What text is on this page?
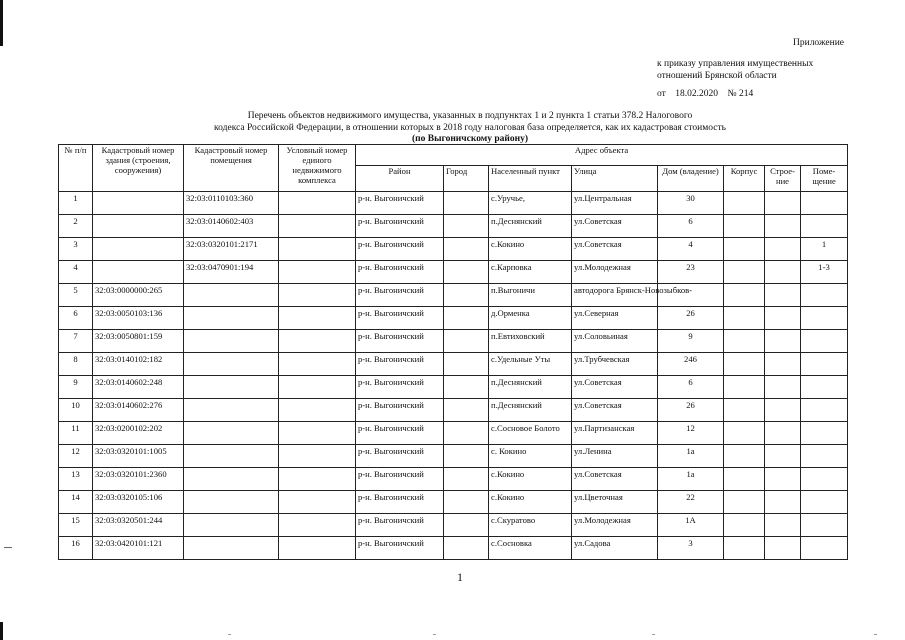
Приложение
к приказу управления имущественных
отношений Брянской области
от    18.02.2020    № 214
Перечень объектов недвижимого имущества, указанных в подпунктах 1 и 2 пункта 1 статьи 378.2 Налогового
кодекса Российской Федерации, в отношении которых в 2018 году налоговая база определяется, как их кадастровая стоимость
(по Выгоничскому району)
№ п/п	Кадастровый номер здания (строения, сооружения)	Кадастровый номер помещения	Условный номер единого недвижимого комплекса	Адрес объекта							
				Район	Город	Населенный пункт	Улица	Дом (владение)	Корпус	Строе-ние	Поме-щение
1		32:03:0110103:360		р-н. Выгоничский		с.Уручье,	ул.Центральная	30			
2		32:03:0140602:403		р-н. Выгоничский		п.Деснянский	ул.Советская	6			
3		32:03:0320101:2171		р-н. Выгоничский		с.Кокино	ул.Советская	4			1
4		32:03:0470901:194		р-н. Выгоничский		с.Карповка	ул.Молодежная	23			1-3
5	32:03:0000000:265			р-н. Выгоничский		п.Выгоничи	автодорога Брянск-Новозыбков-				
6	32:03:0050103:136			р-н. Выгоничский		д.Орменка	ул.Северная	26			
7	32:03:0050801:159			р-н. Выгоничский		п.Евтиховский	ул.Соловьиная	9			
8	32:03:0140102:182			р-н. Выгоничский		с.Удельные Уты	ул.Трубчевская	246			
9	32:03:0140602:248			р-н. Выгоничский		п.Деснянский	ул.Советская	6			
10	32:03:0140602:276			р-н. Выгоничский		п.Деснянский	ул.Советская	26			
11	32:03:0200102:202			р-н. Выгоничский		с.Сосновое Болото	ул.Партизанская	12			
12	32:03:0320101:1005			р-н. Выгоничский		с. Кокино	ул.Ленина	1а			
13	32:03:0320101:2360			р-н. Выгоничский		с.Кокино	ул.Советская	1а			
14	32:03:0320105:106			р-н. Выгоничский		с.Кокино	ул.Цветочная	22			
15	32:03:0320501:244			р-н. Выгоничский		с.Скуратово	ул.Молодежная	1А			
16	32:03:0420101:121			р-н. Выгоничский		с.Сосновка	ул.Садова	3			
1
